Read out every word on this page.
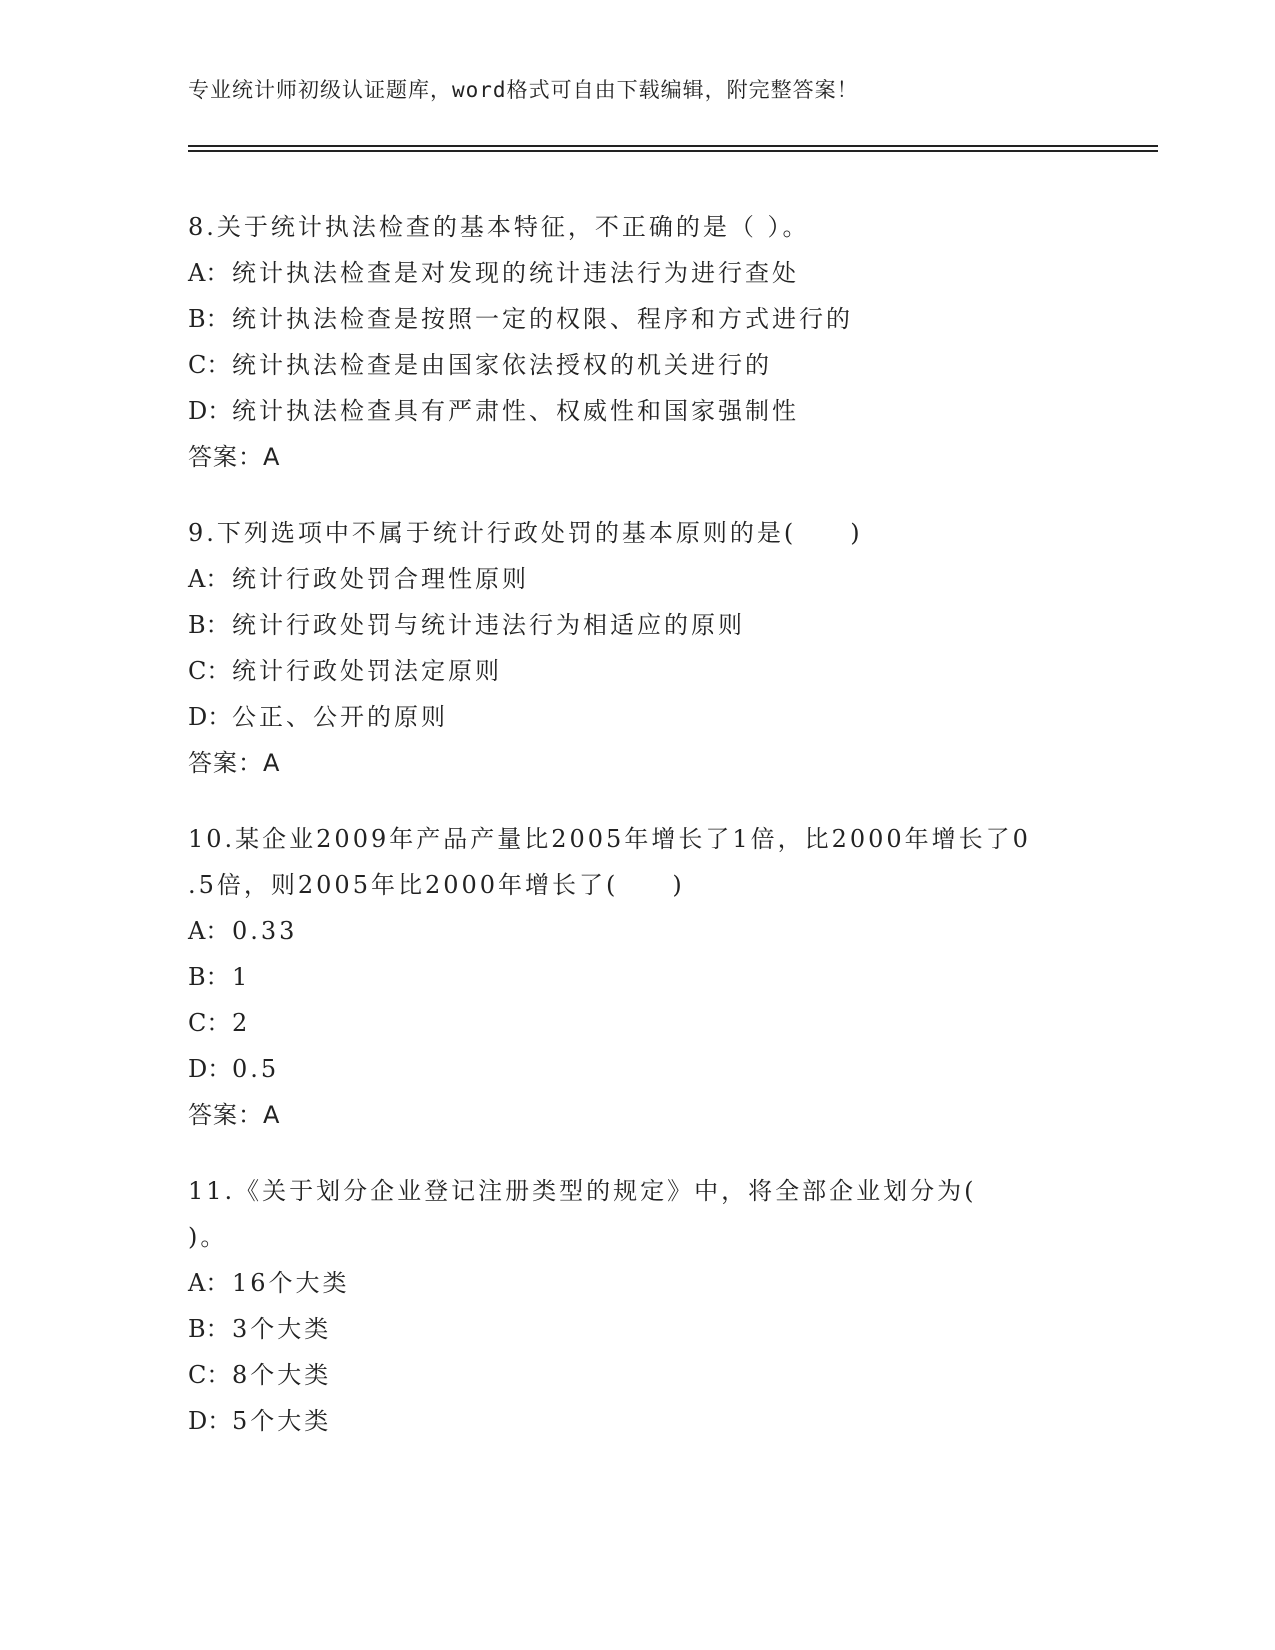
专业统计师初级认证题库，word格式可自由下载编辑，附完整答案！
8.关于统计执法检查的基本特征，不正确的是（ ）。
A： 统计执法检查是对发现的统计违法行为进行查处
B：统计执法检查是按照一定的权限、程序和方式进行的
C：统计执法检查是由国家依法授权的机关进行的
D：统计执法检查具有严肃性、权威性和国家强制性
答案：A
9.下列选项中不属于统计行政处罚的基本原则的是(　　)
A： 统计行政处罚合理性原则
B：统计行政处罚与统计违法行为相适应的原则
C：统计行政处罚法定原则
D：公正、公开的原则
答案：A
10.某企业2009年产品产量比2005年增长了1倍，比2000年增长了0
.5倍，则2005年比2000年增长了(　　)
A： 0.33
B：1
C：2
D：0.5
答案：A
11.《关于划分企业登记注册类型的规定》中，将全部企业划分为(
)。
A： 16个大类
B：3个大类
C：8个大类
D：5个大类
